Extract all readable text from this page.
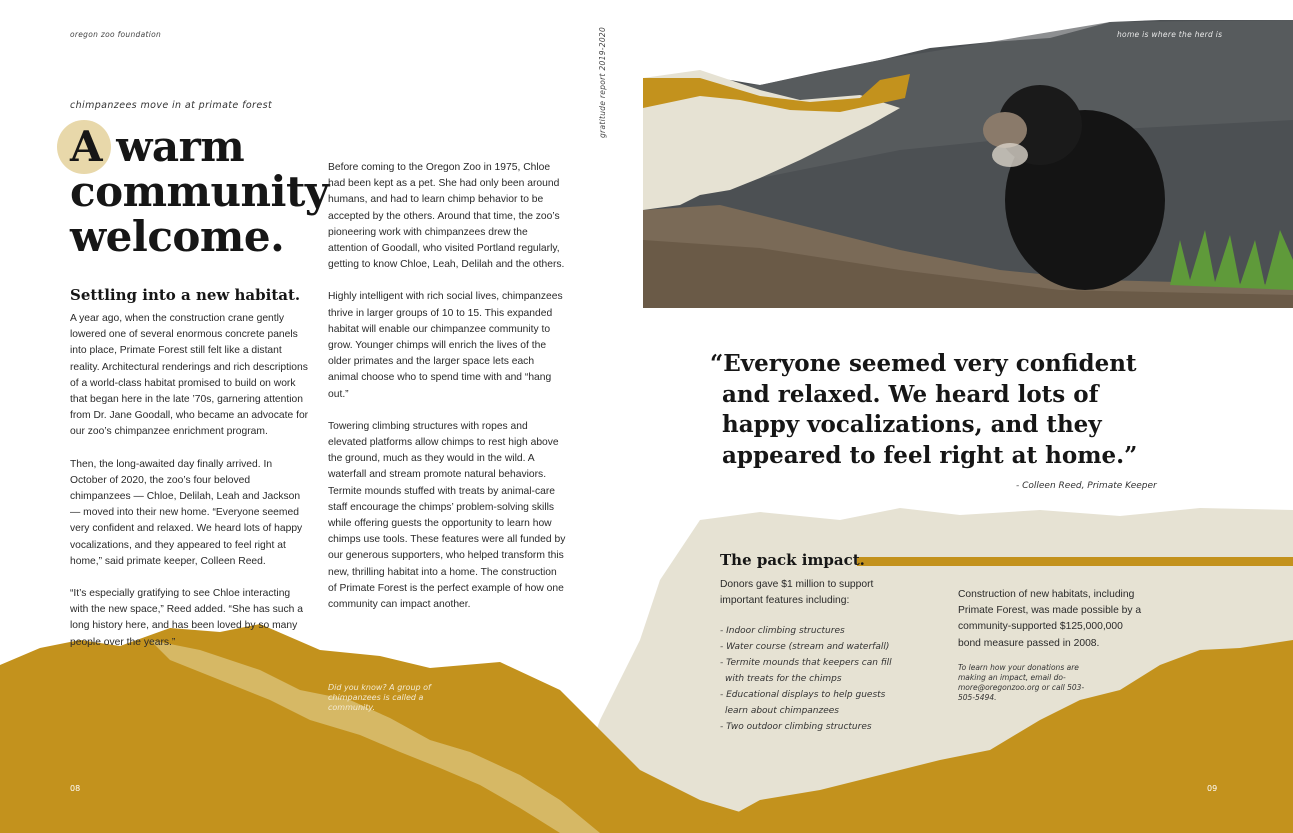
oregon zoo foundation
chimpanzees move in at primate forest
A warm
community
welcome.
Settling into a new habitat.

A year ago, when the construction crane gently lowered one of several enormous concrete panels into place, Primate Forest still felt like a distant reality. Architectural renderings and rich descriptions of a world-class habitat promised to build on work that began here in the late ’70s, garnering attention from Dr. Jane Goodall, who became an advocate for our zoo’s chimpanzee enrichment program.

Then, the long-awaited day finally arrived. In October of 2020, the zoo’s four beloved chimpanzees — Chloe, Delilah, Leah and Jackson — moved into their new home. “Everyone seemed very confident and relaxed. We heard lots of happy vocalizations, and they appeared to feel right at home,” said primate keeper, Colleen Reed.

“It’s especially gratifying to see Chloe interacting with the new space,” Reed added. “She has such a long history here, and has been loved by so many people over the years.”

Before coming to the Oregon Zoo in 1975, Chloe had been kept as a pet. She had only been around humans, and had to learn chimp behavior to be accepted by the others. Around that time, the zoo’s pioneering work with chimpanzees drew the attention of Goodall, who visited Portland regularly, getting to know Chloe, Leah, Delilah and the others.

Highly intelligent with rich social lives, chimpanzees thrive in larger groups of 10 to 15. This expanded habitat will enable our chimpanzee community to grow. Younger chimps will enrich the lives of the older primates and the larger space lets each animal choose who to spend time with and “hang out.”

Towering climbing structures with ropes and elevated platforms allow chimps to rest high above the ground, much as they would in the wild. A waterfall and stream promote natural behaviors. Termite mounds stuffed with treats by animal-care staff encourage the chimps’ problem-solving skills while offering guests the opportunity to learn how chimps use tools. These features were all funded by our generous supporters, who helped transform this new, thrilling habitat into a home. The construction of Primate Forest is the perfect example of how one community can impact another.

Did you know? A group of chimpanzees is called a community.
08
gratitude report 2019-2020	home is where the herd is
“Everyone seemed very confident and relaxed. We heard lots of happy vocalizations, and they appeared to feel right at home.”
- Colleen Reed, Primate Keeper
The pack impact.
Donors gave $1 million to support important features including:
- Indoor climbing structures
- Water course (stream and waterfall)
- Termite mounds that keepers can fill with treats for the chimps
- Educational displays to help guests learn about chimpanzees
- Two outdoor climbing structures
Construction of new habitats, including Primate Forest, was made possible by a community-supported $125,000,000 bond measure passed in 2008.
To learn how your donations are making an impact, email do-more@oregonzoo.org or call 503-505-5494.
09
